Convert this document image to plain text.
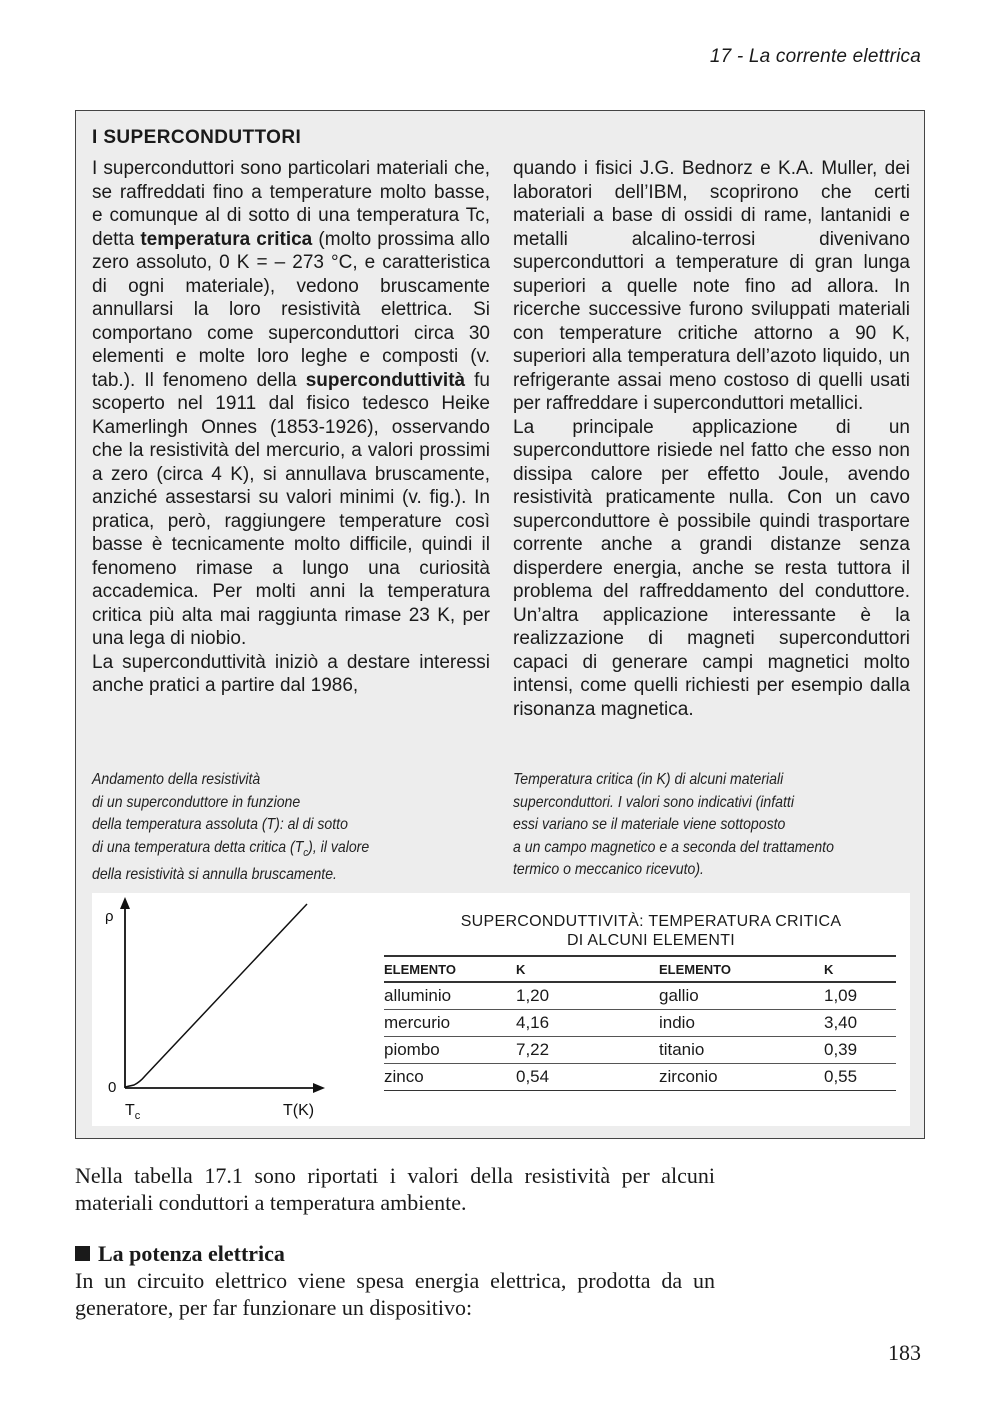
17 - La corrente elettrica
I SUPERCONDUTTORI

I superconduttori sono particolari materiali che, se raffreddati fino a temperature molto basse, e comunque al di sotto di una temperatura Tc, detta temperatura critica (molto prossima allo zero assoluto, 0 K = – 273 °C, e caratteristica di ogni materiale), vedono bruscamente annullarsi la loro resistività elettrica. Si comportano come superconduttori circa 30 elementi e molte loro leghe e composti (v. tab.). Il fenomeno della superconduttività fu scoperto nel 1911 dal fisico tedesco Heike Kamerlingh Onnes (1853-1926), osservando che la resistività del mercurio, a valori prossimi a zero (circa 4 K), si annullava bruscamente, anziché assestarsi su valori minimi (v. fig.). In pratica, però, raggiungere temperature così basse è tecnicamente molto difficile, quindi il fenomeno rimase a lungo una curiosità accademica. Per molti anni la temperatura critica più alta mai raggiunta rimase 23 K, per una lega di niobio.

La superconduttività iniziò a destare interessi anche pratici a partire dal 1986,

quando i fisici J.G. Bednorz e K.A. Muller, dei laboratori dell’IBM, scoprirono che certi materiali a base di ossidi di rame, lantanidi e metalli alcalino-terrosi divenivano superconduttori a temperature di gran lunga superiori a quelle note fino ad allora. In ricerche successive furono sviluppati materiali con temperature critiche attorno a 90 K, superiori alla temperatura dell’azoto liquido, un refrigerante assai meno costoso di quelli usati per raffreddare i superconduttori metallici.

La principale applicazione di un superconduttore risiede nel fatto che esso non dissipa calore per effetto Joule, avendo resistività praticamente nulla. Con un cavo superconduttore è possibile quindi trasportare corrente anche a grandi distanze senza disperdere energia, anche se resta tuttora il problema del raffreddamento del conduttore. Un’altra applicazione interessante è la realizzazione di magneti superconduttori capaci di generare campi magnetici molto intensi, come quelli richiesti per esempio dalla risonanza magnetica.

Andamento della resistività
di un superconduttore in funzione
della temperatura assoluta (T): al di sotto
di una temperatura detta critica $(T_c)$, il valore
della resistività si annulla bruscamente.
Temperatura critica (in K) di alcuni materiali
superconduttori. I valori sono indicativi (infatti
essi variano se il materiale viene sottoposto
a un campo magnetico e a seconda del trattamento
termico o meccanico ricevuto).
ρ
0
$T_c$	T(K)
SUPERCONDUTTIVITÀ: TEMPERATURA CRITICA
DI ALCUNI ELEMENTI
ELEMENTO	K	ELEMENTO	K
alluminio	1,20	gallio	1,09
mercurio	4,16	indio	3,40
piombo	7,22	titanio	0,39
zinco	0,54	zirconio	0,55
Nella tabella 17.1 sono riportati i valori della resistività per alcuni materiali conduttori a temperatura ambiente.
La potenza elettrica
In un circuito elettrico viene spesa energia elettrica, prodotta da un generatore, per far funzionare un dispositivo:
183
